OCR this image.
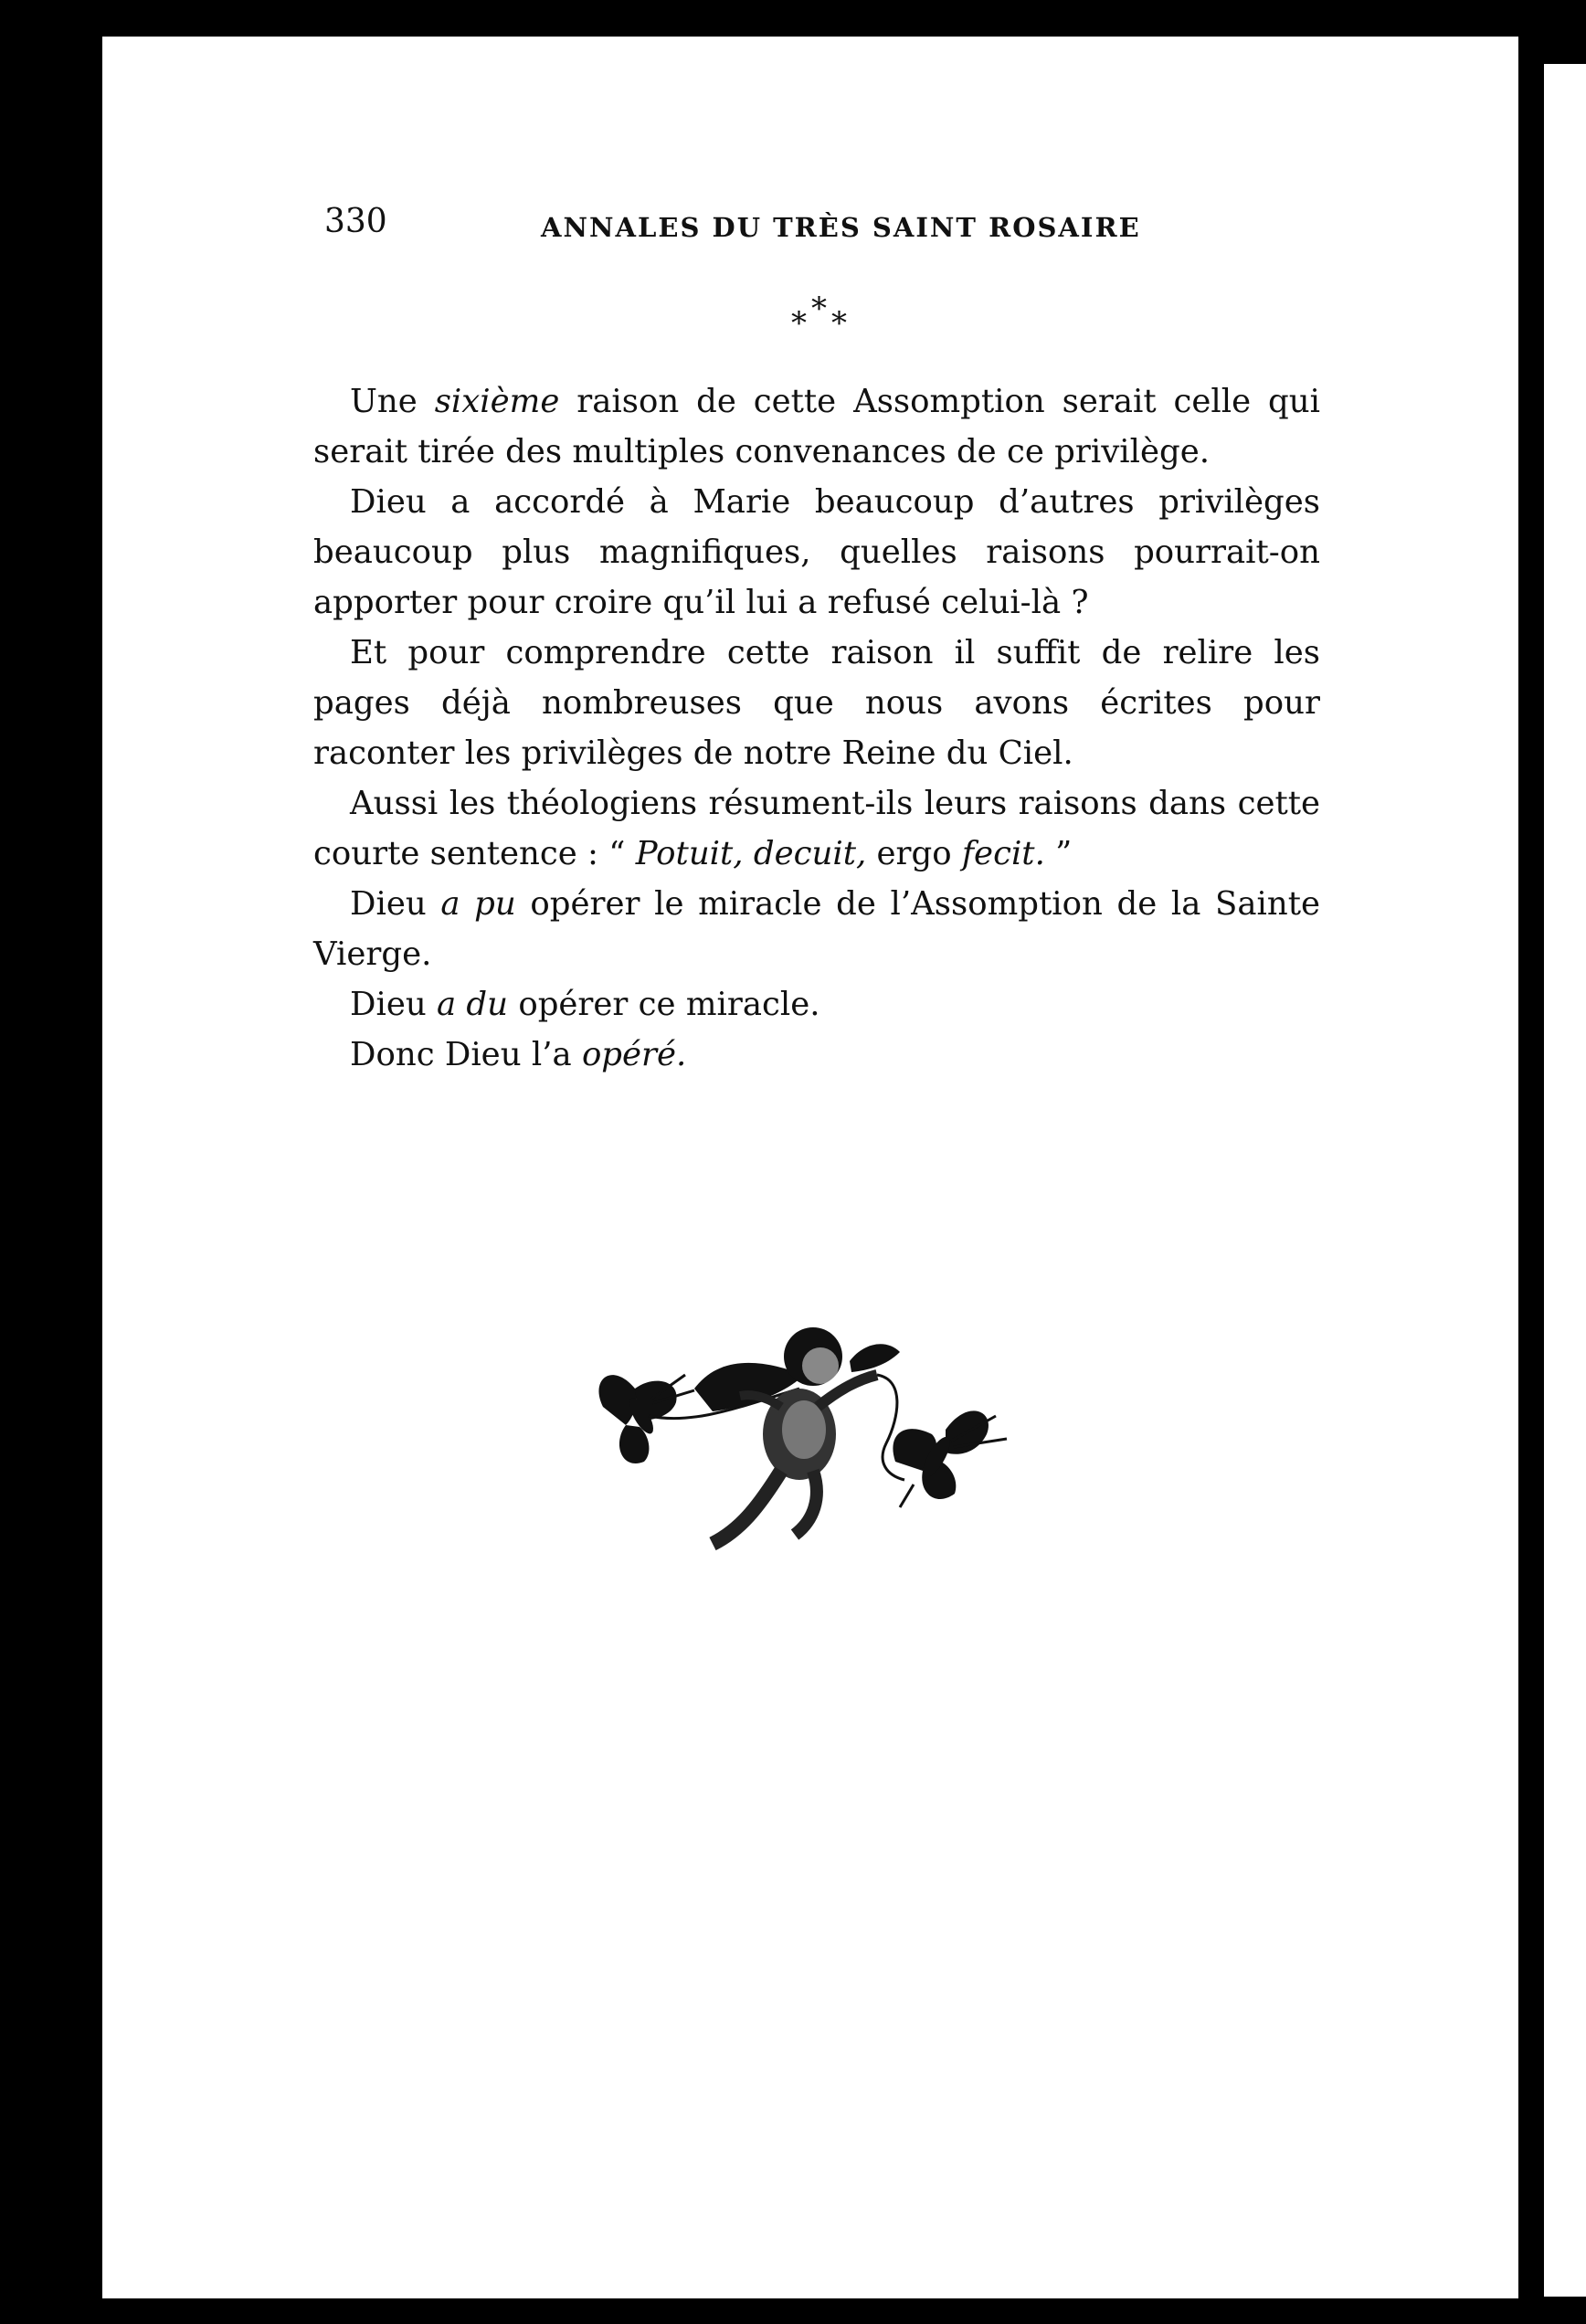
330	ANNALES DU TRÈS SAINT ROSAIRE
* * *

Une sixième raison de cette Assomption serait celle qui serait tirée des multiples convenances de ce privilège.

Dieu a accordé à Marie beaucoup d’autres privilèges beaucoup plus magnifiques, quelles raisons pourrait-on apporter pour croire qu’il lui a refusé celui-là ?

Et pour comprendre cette raison il suffit de relire les pages déjà nombreuses que nous avons écrites pour raconter les privilèges de notre Reine du Ciel.

Aussi les théologiens résument-ils leurs raisons dans cette courte sentence : “ Potuit, decuit, ergo fecit. ”

Dieu a pu opérer le miracle de l’Assomption de la Sainte Vierge.

Dieu a du opérer ce miracle.

Donc Dieu l’a opéré.
